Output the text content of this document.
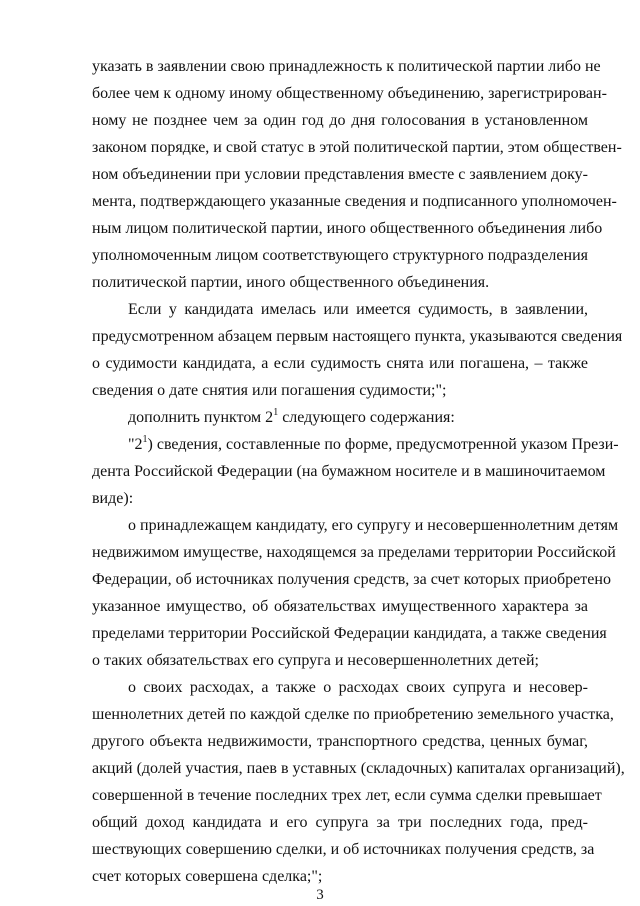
указать в заявлении свою принадлежность к политической партии либо не
более чем к одному иному общественному объединению, зарегистрирован-
ному не позднее чем за один год до дня голосования в установленном
законом порядке, и свой статус в этой политической партии, этом обществен-
ном объединении при условии представления вместе с заявлением доку-
мента, подтверждающего указанные сведения и подписанного уполномочен-
ным лицом политической партии, иного общественного объединения либо
уполномоченным лицом соответствующего структурного подразделения
политической партии, иного общественного объединения.
Если у кандидата имелась или имеется судимость, в заявлении,
предусмотренном абзацем первым настоящего пункта, указываются сведения
о судимости кандидата, а если судимость снята или погашена, – также
сведения о дате снятия или погашения судимости;";
дополнить пунктом $2^1$ следующего содержания:
"$2^1$) сведения, составленные по форме, предусмотренной указом Прези-
дента Российской Федерации (на бумажном носителе и в машиночитаемом
виде):
о принадлежащем кандидату, его супругу и несовершеннолетним детям
недвижимом имуществе, находящемся за пределами территории Российской
Федерации, об источниках получения средств, за счет которых приобретено
указанное имущество, об обязательствах имущественного характера за
пределами территории Российской Федерации кандидата, а также сведения
о таких обязательствах его супруга и несовершеннолетних детей;
о своих расходах, а также о расходах своих супруга и несовер-
шеннолетних детей по каждой сделке по приобретению земельного участка,
другого объекта недвижимости, транспортного средства, ценных бумаг,
акций (долей участия, паев в уставных (складочных) капиталах организаций),
совершенной в течение последних трех лет, если сумма сделки превышает
общий доход кандидата и его супруга за три последних года, пред-
шествующих совершению сделки, и об источниках получения средств, за
счет которых совершена сделка;";
3
